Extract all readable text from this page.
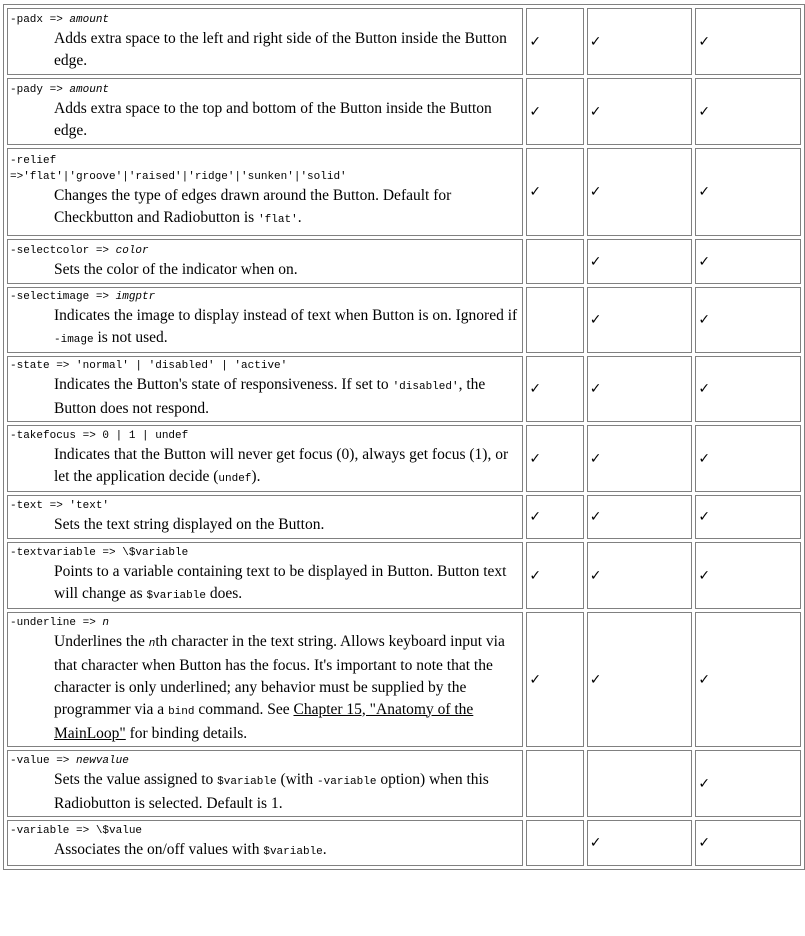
-padx => amount

Adds extra space to the left and right side of the Button inside the Button edge.	✓	✓	✓

-pady => amount

Adds extra space to the top and bottom of the Button inside the Button edge.	✓	✓	✓

-relief

=>'flat'|'groove'|'raised'|'ridge'|'sunken'|'solid'

Changes the type of edges drawn around the Button. Default for Checkbutton and Radiobutton is 'flat'.	✓	✓	✓

-selectcolor => color

Sets the color of the indicator when on.		✓	✓

-selectimage => imgptr

Indicates the image to display instead of text when Button is on. Ignored if -image is not used.		✓	✓

-state => 'normal' | 'disabled' | 'active'

Indicates the Button's state of responsiveness. If set to 'disabled', the Button does not respond.	✓	✓	✓

-takefocus => 0 | 1 | undef

Indicates that the Button will never get focus (0), always get focus (1), or let the application decide (undef).	✓	✓	✓

-text => 'text'

Sets the text string displayed on the Button.	✓	✓	✓

-textvariable => \$variable

Points to a variable containing text to be displayed in Button. Button text will change as $variable does.	✓	✓	✓

-underline => n

Underlines the nth character in the text string. Allows keyboard input via that character when Button has the focus. It's important to note that the character is only underlined; any behavior must be supplied by the programmer via a bind command. See Chapter 15, "Anatomy of the MainLoop" for binding details.	✓	✓	✓

-value => newvalue

Sets the value assigned to $variable (with -variable option) when this Radiobutton is selected. Default is 1.			✓

-variable => \$value

Associates the on/off values with $variable.		✓	✓
